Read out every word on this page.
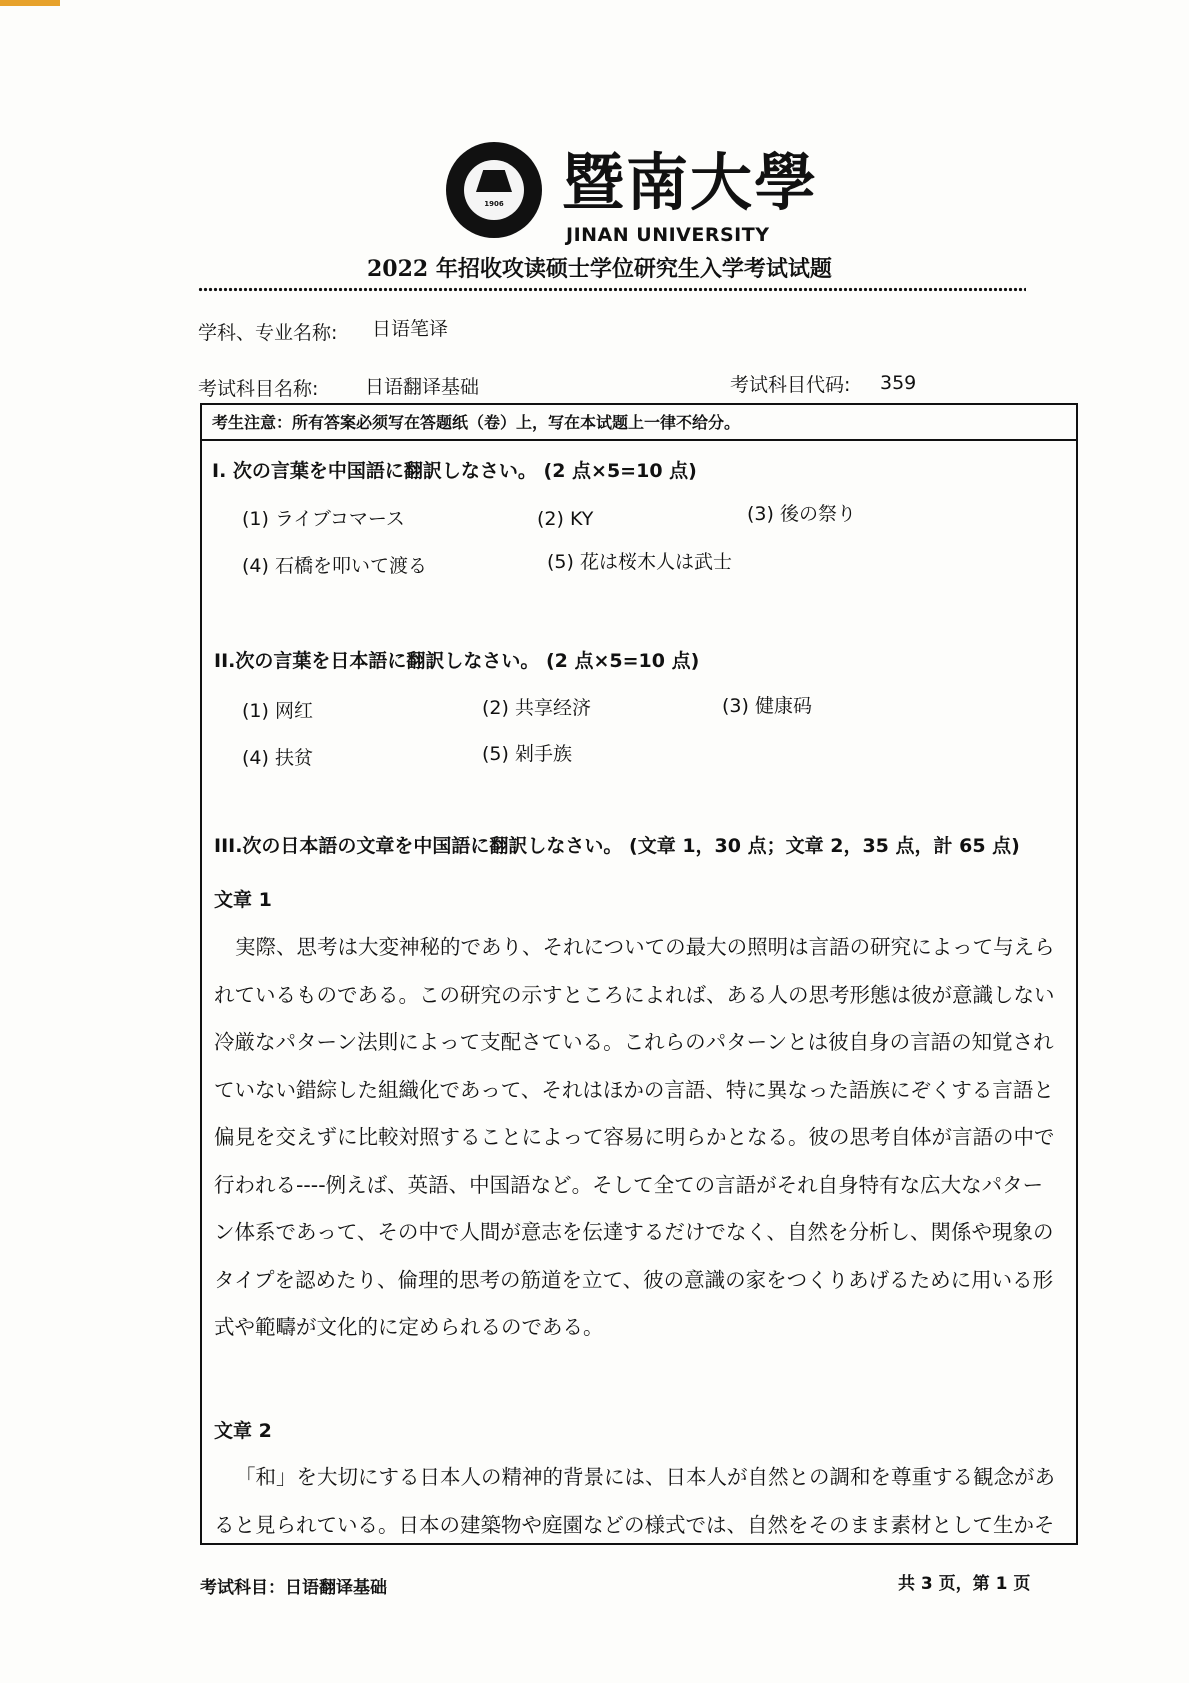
1906 暨南大學
JINAN UNIVERSITY
2022 年招收攻读硕士学位研究生入学考试试题
学科、专业名称: 日语笔译
考试科目名称: 日语翻译基础	考试科目代码: 359
考生注意：所有答案必须写在答题纸（卷）上，写在本试题上一律不给分。
I. 次の言葉を中国語に翻訳しなさい。 (2 点×5=10 点)
(1) ライブコマース	(2) KY	(3) 後の祭り
(4) 石橋を叩いて渡る	(5) 花は桜木人は武士
II.次の言葉を日本語に翻訳しなさい。 (2 点×5=10 点)
(1) 网红	(2) 共享经济	(3) 健康码
(4) 扶贫	(5) 剁手族
III.次の日本語の文章を中国語に翻訳しなさい。 (文章 1，30 点；文章 2，35 点，計 65 点)
文章 1
実際、思考は大変神秘的であり、それについての最大の照明は言語の研究によって与えら
れているものである。この研究の示すところによれば、ある人の思考形態は彼が意識しない
冷厳なパターン法則によって支配さている。これらのパターンとは彼自身の言語の知覚され
ていない錯綜した組織化であって、それはほかの言語、特に異なった語族にぞくする言語と
偏見を交えずに比較対照することによって容易に明らかとなる。彼の思考自体が言語の中で
行われる----例えば、英語、中国語など。そして全ての言語がそれ自身特有な広大なパター
ン体系であって、その中で人間が意志を伝達するだけでなく、自然を分析し、関係や現象の
タイプを認めたり、倫理的思考の筋道を立て、彼の意識の家をつくりあげるために用いる形
式や範疇が文化的に定められるのである。
文章 2
「和」を大切にする日本人の精神的背景には、日本人が自然との調和を尊重する観念があ
ると見られている。日本の建築物や庭園などの様式では、自然をそのまま素材として生かそ
考试科目：日语翻译基础	共 3 页，第 1 页
